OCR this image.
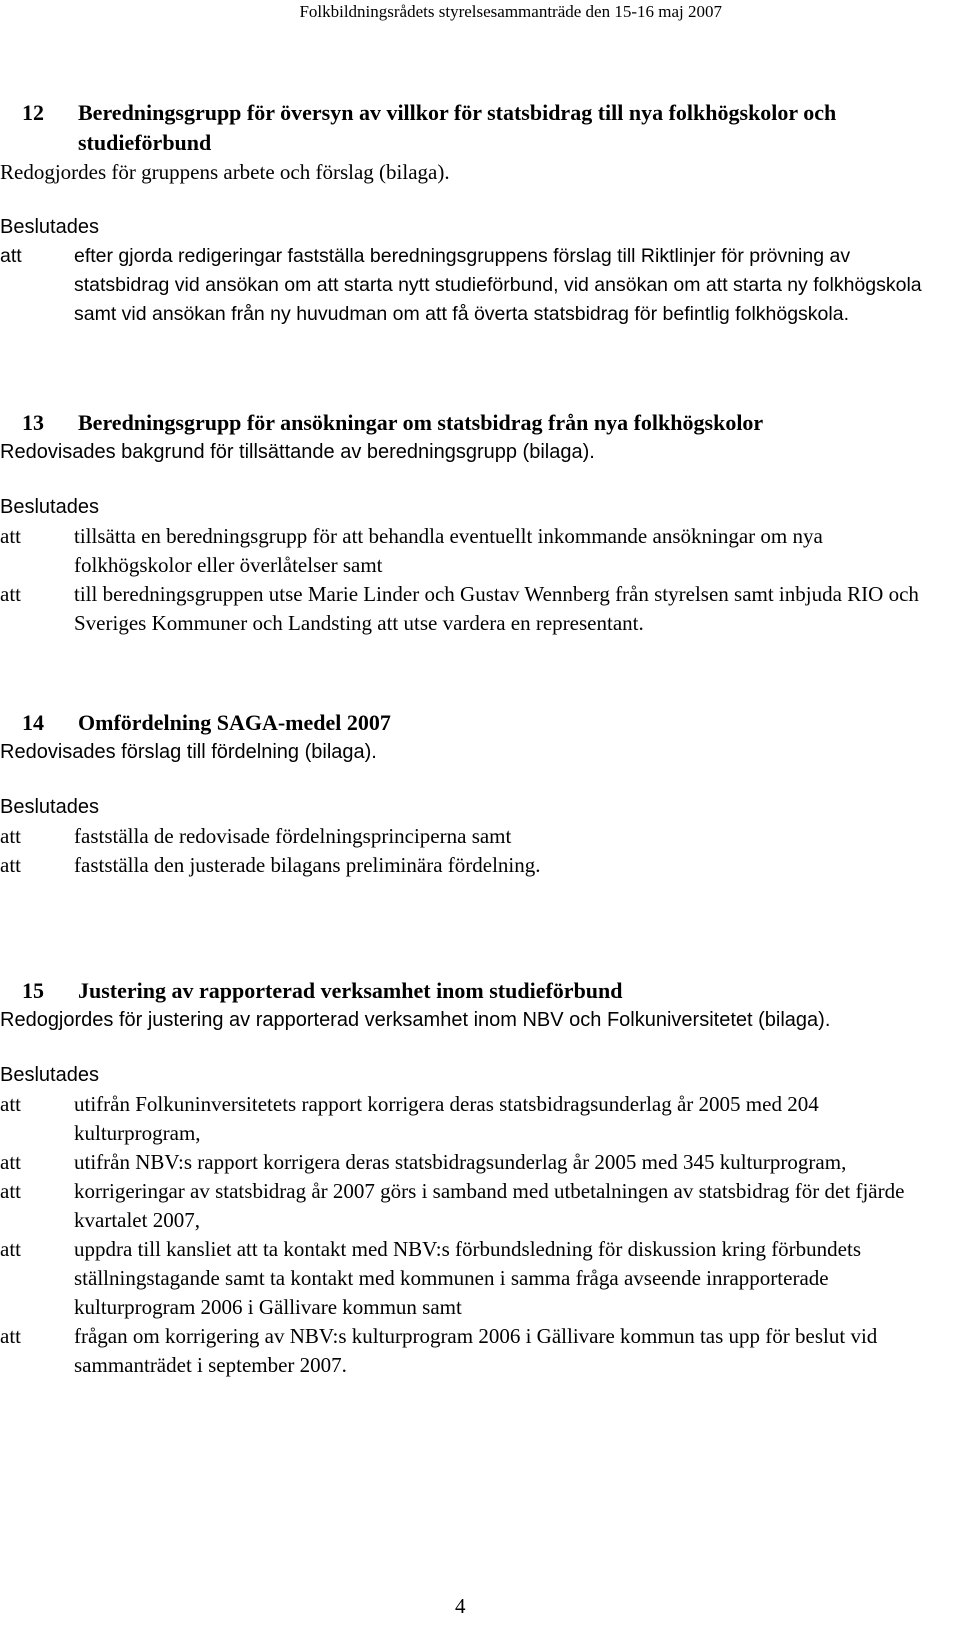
Folkbildningsrådets styrelsesammanträde den 15-16 maj 2007
12	Beredningsgrupp för översyn av villkor för statsbidrag till nya folkhögskolor och studieförbund
Redogjordes för gruppens arbete och förslag (bilaga).
Beslutades
att	efter gjorda redigeringar fastställa beredningsgruppens förslag till Riktlinjer för prövning av statsbidrag vid ansökan om att starta nytt studieförbund, vid ansökan om att starta ny folkhögskola samt vid ansökan från ny huvudman om att få överta statsbidrag för befintlig folkhögskola.
13	Beredningsgrupp för ansökningar om statsbidrag från nya folkhögskolor
Redovisades bakgrund för tillsättande av beredningsgrupp (bilaga).
Beslutades
att	tillsätta en beredningsgrupp för att behandla eventuellt inkommande ansökningar om nya folkhögskolor eller överlåtelser samt
att	till beredningsgruppen utse Marie Linder och Gustav Wennberg från styrelsen samt inbjuda RIO och Sveriges Kommuner och Landsting att utse vardera en representant.
14	Omfördelning SAGA-medel 2007
Redovisades förslag till fördelning (bilaga).
Beslutades
att	fastställa de redovisade fördelningsprinciperna samt
att	fastställa den justerade bilagans preliminära fördelning.
15	Justering av rapporterad verksamhet inom studieförbund
Redogjordes för justering av rapporterad verksamhet inom NBV och Folkuniversitetet (bilaga).
Beslutades
att	utifrån Folkuninversitetets rapport korrigera deras statsbidragsunderlag år 2005 med 204 kulturprogram,
att	utifrån NBV:s rapport korrigera deras statsbidragsunderlag år 2005 med 345 kulturprogram,
att	korrigeringar av statsbidrag år 2007 görs i samband med utbetalningen av statsbidrag för det fjärde kvartalet 2007,
att	uppdra till kansliet att ta kontakt med NBV:s förbundsledning för diskussion kring förbundets ställningstagande samt ta kontakt med kommunen i samma fråga avseende inrapporterade kulturprogram 2006 i Gällivare kommun samt
att	frågan om korrigering av NBV:s kulturprogram 2006 i Gällivare kommun tas upp för beslut vid sammanträdet i september 2007.
4
